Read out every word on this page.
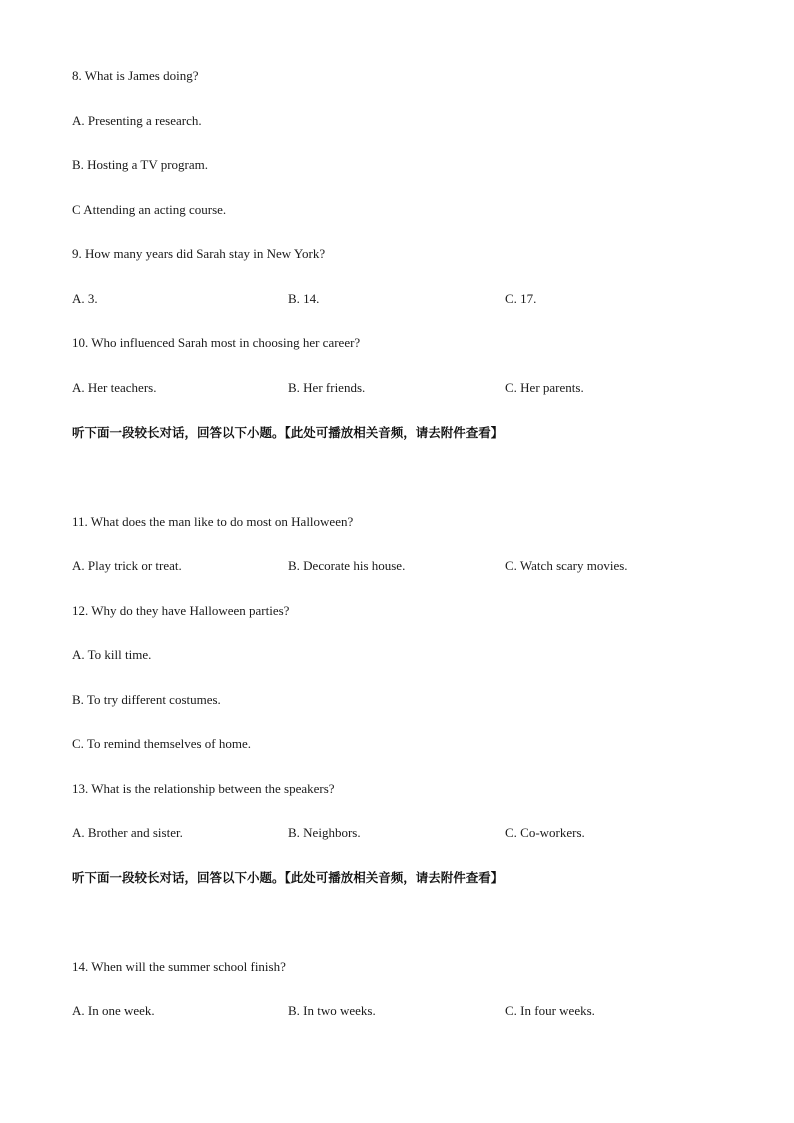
8. What is James doing?
A. Presenting a research.
B. Hosting a TV program.
C Attending an acting course.
9. How many years did Sarah stay in New York?
A. 3.	B. 14.	C. 17.
10. Who influenced Sarah most in choosing her career?
A. Her teachers.	B. Her friends.	C. Her parents.
听下面一段较长对话，回答以下小题。【此处可播放相关音频，请去附件查看】
11. What does the man like to do most on Halloween?
A. Play trick or treat.	B. Decorate his house.	C. Watch scary movies.
12. Why do they have Halloween parties?
A. To kill time.
B. To try different costumes.
C. To remind themselves of home.
13. What is the relationship between the speakers?
A. Brother and sister.	B. Neighbors.	C. Co-workers.
听下面一段较长对话，回答以下小题。【此处可播放相关音频，请去附件查看】
14. When will the summer school finish?
A. In one week.	B. In two weeks.	C. In four weeks.
